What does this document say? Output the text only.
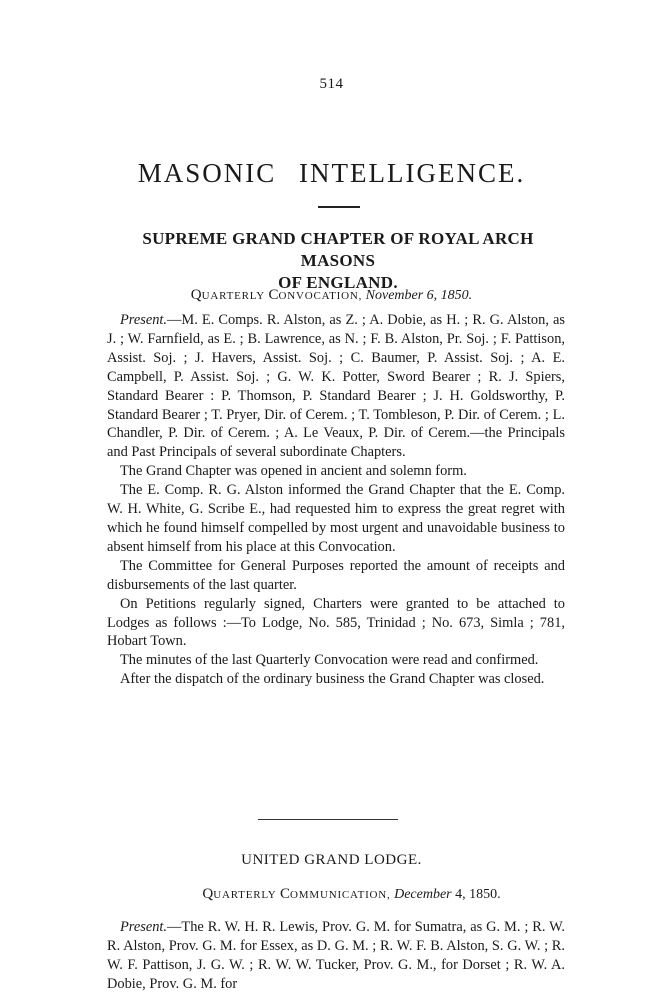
514
MASONIC INTELLIGENCE.
SUPREME GRAND CHAPTER OF ROYAL ARCH MASONS
OF ENGLAND.
QUARTERLY CONVOCATION, November 6, 1850.

Present.—M. E. Comps. R. Alston, as Z. ; A. Dobie, as H. ; R. G. Alston, as J. ; W. Farnfield, as E. ; B. Lawrence, as N. ; F. B. Alston, Pr. Soj. ; F. Pattison, Assist. Soj. ; J. Havers, Assist. Soj. ; C. Baumer, P. Assist. Soj. ; A. E. Campbell, P. Assist. Soj. ; G. W. K. Potter, Sword Bearer ; R. J. Spiers, Standard Bearer : P. Thomson, P. Standard Bearer ; J. H. Goldsworthy, P. Standard Bearer ; T. Pryer, Dir. of Cerem. ; T. Tombleson, P. Dir. of Cerem. ; L. Chandler, P. Dir. of Cerem. ; A. Le Veaux, P. Dir. of Cerem.—the Principals and Past Principals of several subordinate Chapters.

The Grand Chapter was opened in ancient and solemn form.

The E. Comp. R. G. Alston informed the Grand Chapter that the E. Comp. W. H. White, G. Scribe E., had requested him to express the great regret with which he found himself compelled by most urgent and unavoidable business to absent himself from his place at this Convocation.

The Committee for General Purposes reported the amount of receipts and disbursements of the last quarter.

On Petitions regularly signed, Charters were granted to be attached to Lodges as follows :—To Lodge, No. 585, Trinidad ; No. 673, Simla ; 781, Hobart Town.

The minutes of the last Quarterly Convocation were read and confirmed.

After the dispatch of the ordinary business the Grand Chapter was closed.

UNITED GRAND LODGE.
QUARTERLY COMMUNICATION, December 4, 1850.

Present.—The R. W. H. R. Lewis, Prov. G. M. for Sumatra, as G. M. ; R. W. R. Alston, Prov. G. M. for Essex, as D. G. M. ; R. W. F. B. Alston, S. G. W. ; R. W. F. Pattison, J. G. W. ; R. W. W. Tucker, Prov. G. M., for Dorset ; R. W. A. Dobie, Prov. G. M. for
